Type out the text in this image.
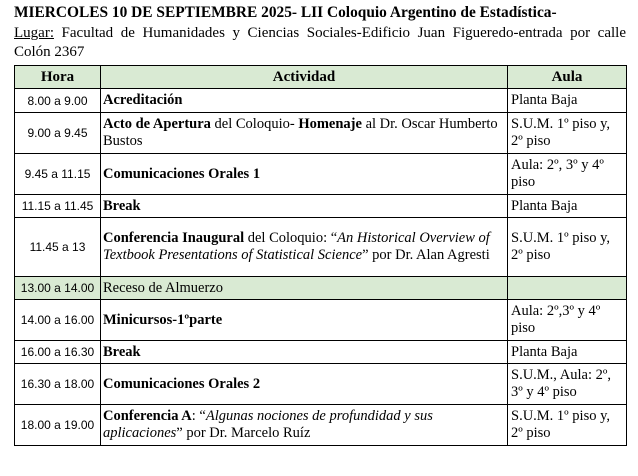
MIERCOLES 10 DE SEPTIEMBRE 2025- LII Coloquio Argentino de Estadística-

Lugar: Facultad de Humanidades y Ciencias Sociales-Edificio Juan Figueredo-entrada por calle Colón 2367

Hora	Actividad	Aula
8.00 a 9.00	Acreditación	Planta Baja
9.00 a 9.45	Acto de Apertura del Coloquio- Homenaje al Dr. Oscar Humberto Bustos	S.U.M. 1º piso y, 2º piso
9.45 a 11.15	Comunicaciones Orales 1	Aula: 2º, 3º y 4º piso
11.15 a 11.45	Break	Planta Baja
11.45 a 13	Conferencia Inaugural del Coloquio: “An Historical Overview of Textbook Presentations of Statistical Science” por Dr. Alan Agresti	S.U.M. 1º piso y, 2º piso
13.00 a 14.00	Receso de Almuerzo	
14.00 a 16.00	Minicursos-1ºparte	Aula: 2º,3º y 4º piso
16.00 a 16.30	Break	Planta Baja
16.30 a 18.00	Comunicaciones Orales 2	S.U.M., Aula: 2º, 3º y 4º piso
18.00 a 19.00	Conferencia A: “Algunas nociones de profundidad y sus aplicaciones” por Dr. Marcelo Ruíz	S.U.M. 1º piso y, 2º piso
